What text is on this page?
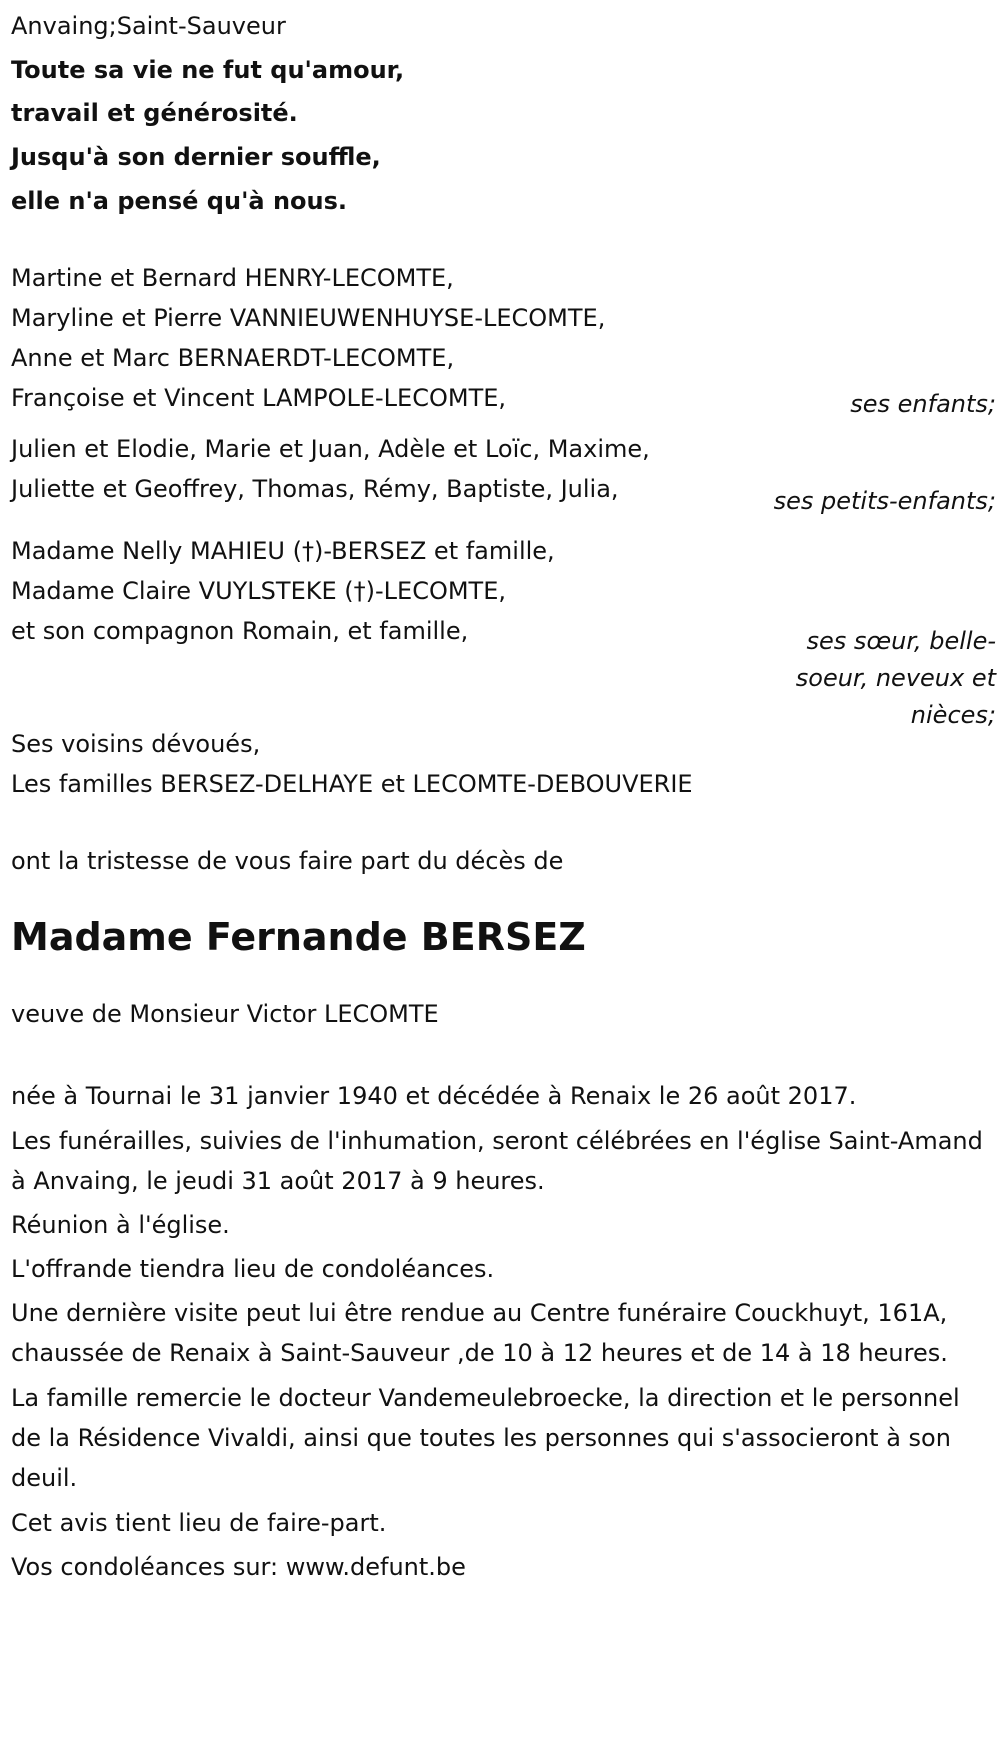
Anvaing;Saint-Sauveur
Toute sa vie ne fut qu'amour,
travail et générosité.
Jusqu'à son dernier souffle,
elle n'a pensé qu'à nous.
Martine et Bernard HENRY-LECOMTE,
Maryline et Pierre VANNIEUWENHUYSE-LECOMTE,
Anne et Marc BERNAERDT-LECOMTE,
Françoise et Vincent LAMPOLE-LECOMTE,	ses enfants;
Julien et Elodie, Marie et Juan, Adèle et Loïc, Maxime,
Juliette et Geoffrey, Thomas, Rémy, Baptiste, Julia,	ses petits-enfants;
Madame Nelly MAHIEU (†)-BERSEZ et famille,
Madame Claire VUYLSTEKE (†)-LECOMTE,
et son compagnon Romain, et famille,	ses sœur, belle-
soeur, neveux et
nièces;
Ses voisins dévoués,
Les familles BERSEZ-DELHAYE et LECOMTE-DEBOUVERIE
ont la tristesse de vous faire part du décès de
Madame Fernande BERSEZ
veuve de Monsieur Victor LECOMTE
née à Tournai le 31 janvier 1940 et décédée à Renaix le 26 août 2017.
Les funérailles, suivies de l'inhumation, seront célébrées en l'église Saint-Amand à Anvaing, le jeudi 31 août 2017 à 9 heures.
Réunion à l'église.
L'offrande tiendra lieu de condoléances.
Une dernière visite peut lui être rendue au Centre funéraire Couckhuyt, 161A, chaussée de Renaix à Saint-Sauveur ,de 10 à 12 heures et de 14 à 18 heures.
La famille remercie le docteur Vandemeulebroecke, la direction et le personnel de la Résidence Vivaldi, ainsi que toutes les personnes qui s'associeront à son deuil.
Cet avis tient lieu de faire-part.
Vos condoléances sur: www.defunt.be
